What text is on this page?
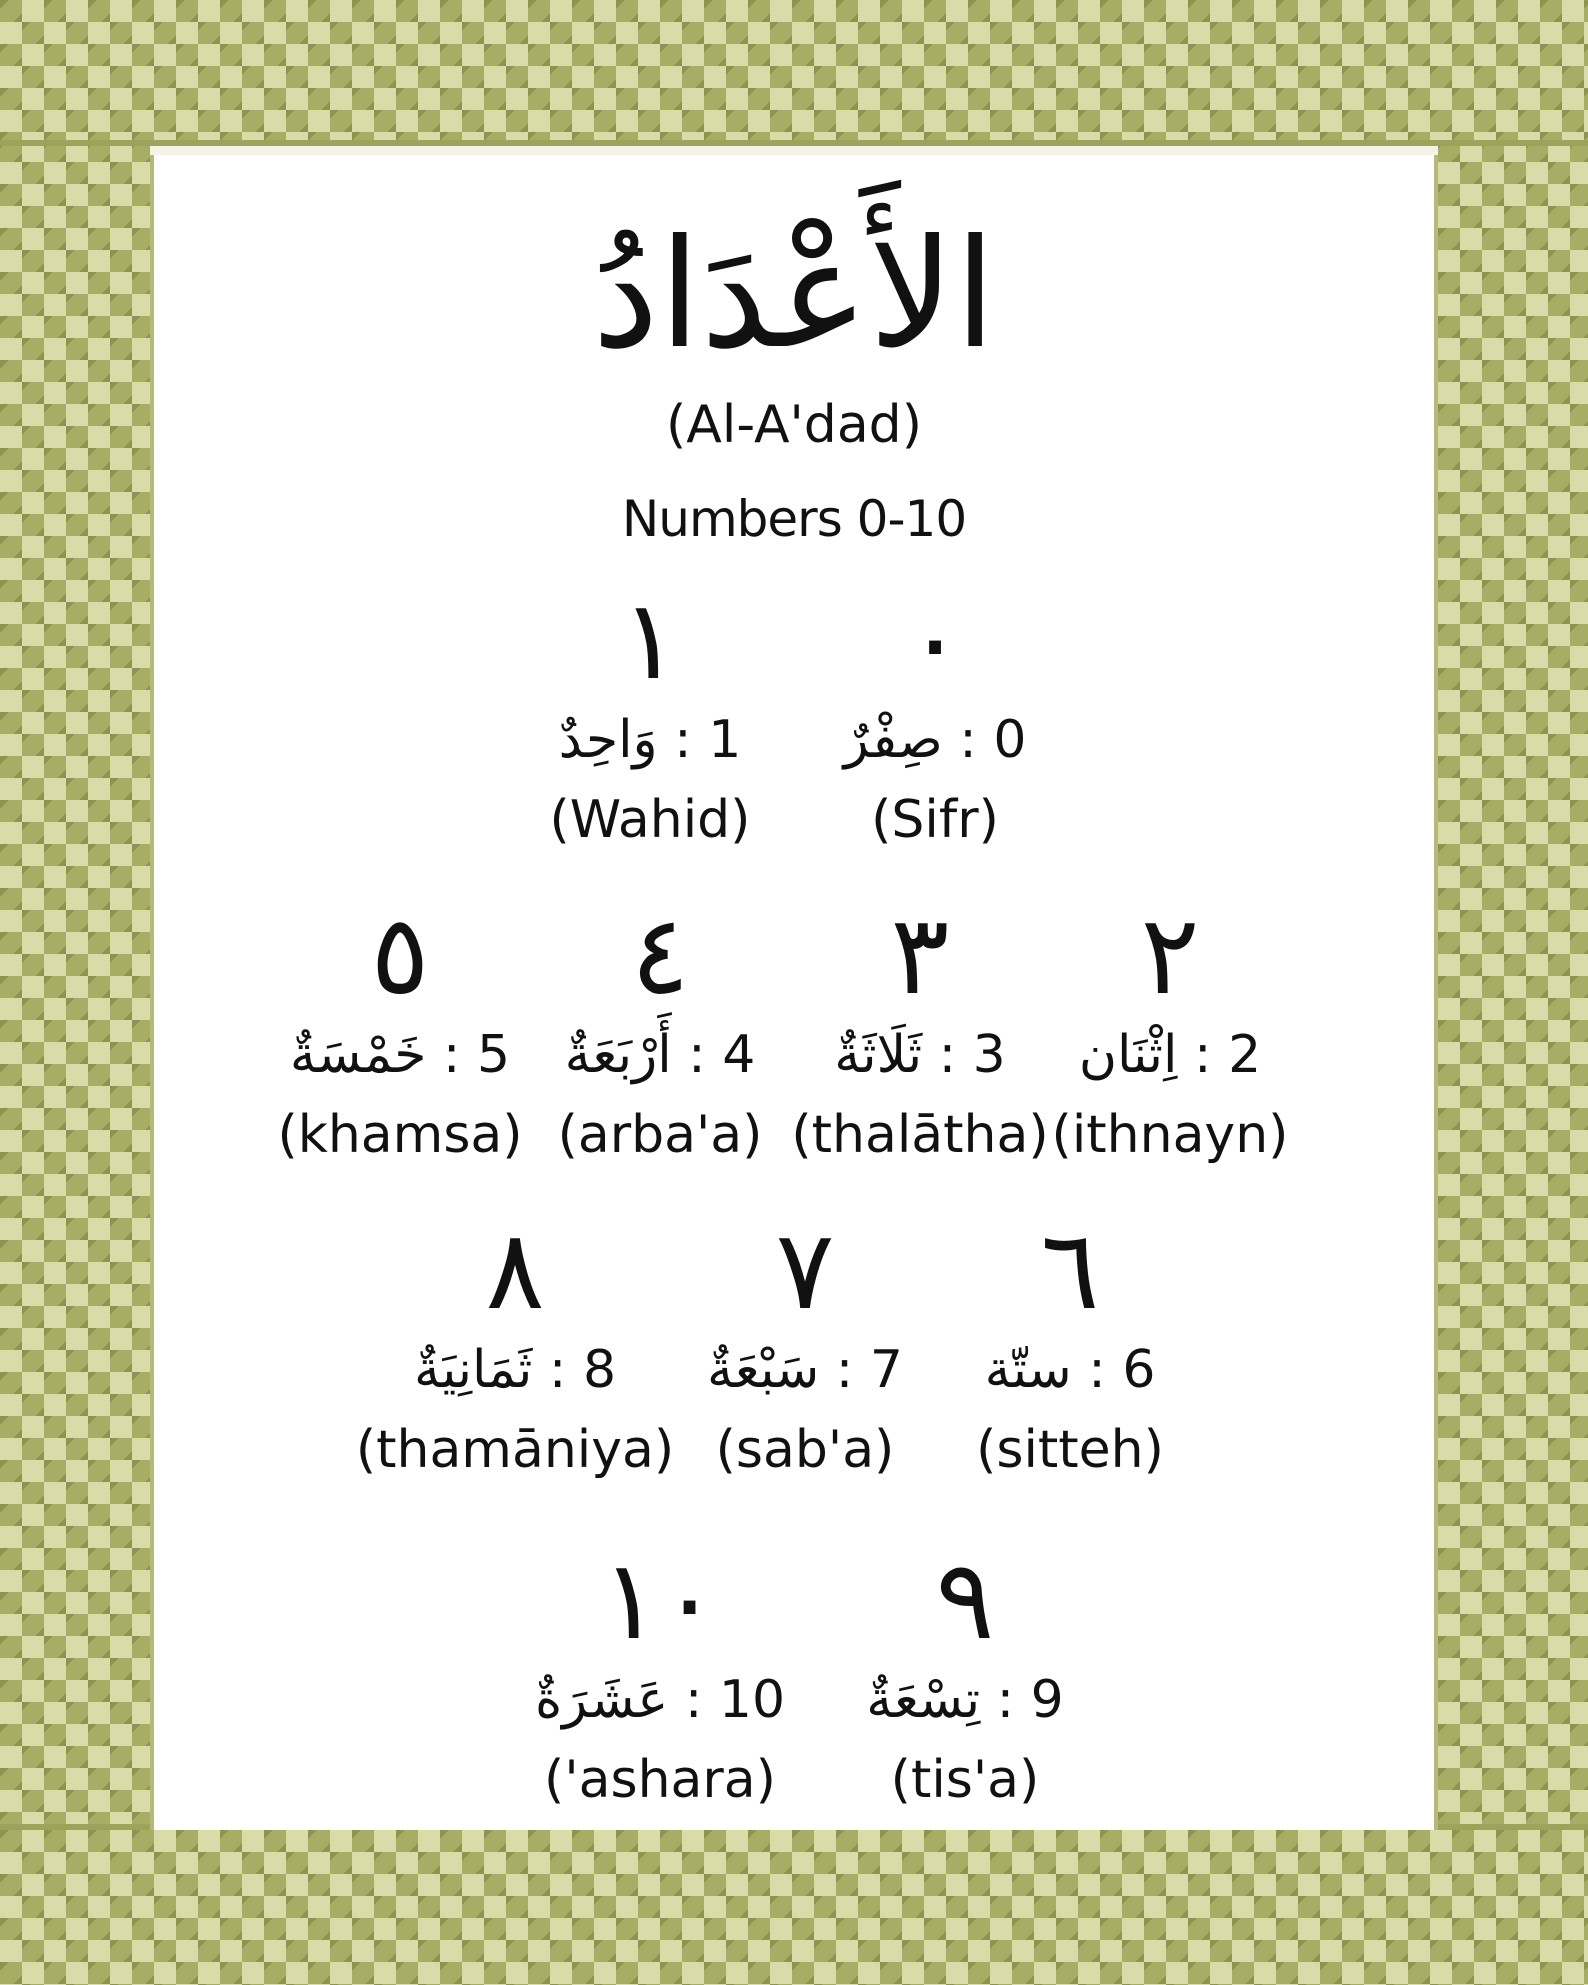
الأَعْدَادُ
(Al-A'dad)
Numbers 0-10
٠
صِفْرٌ : 0
(Sifr)
١
وَاحِدٌ : 1
(Wahid)
٢
اِثْنَان : 2
(ithnayn)
٣
ثَلَاثَةٌ : 3
(thalātha)
٤
أَرْبَعَةٌ : 4
(arba'a)
٥
خَمْسَةٌ : 5
(khamsa)
٦
ستّة : 6
(sitteh)
٧
سَبْعَةٌ : 7
(sab'a)
٨
ثَمَانِيَةٌ : 8
(thamāniya)
٩
تِسْعَةٌ : 9
(tis'a)
١٠
عَشَرَةٌ : 10
('ashara)
